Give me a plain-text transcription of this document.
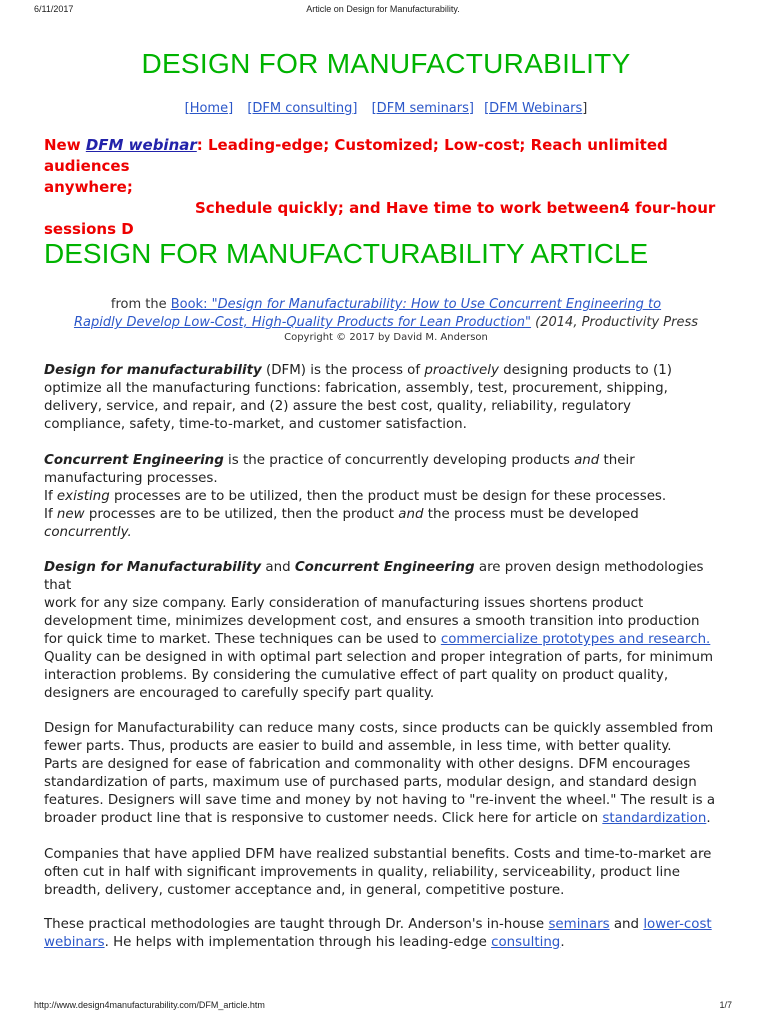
6/11/2017	Article on Design for Manufacturability.
DESIGN FOR MANUFACTURABILITY
[Home] [DFM consulting] [DFM seminars] [DFM Webinars]
New DFM webinar: Leading-edge; Customized; Low-cost; Reach unlimited audiences
anywhere;
Schedule quickly; and Have time to work between4 four-hour
sessions D
DESIGN FOR MANUFACTURABILITY ARTICLE
from the Book: "Design for Manufacturability: How to Use Concurrent Engineering to
Rapidly Develop Low-Cost, High-Quality Products for Lean Production" (2014, Productivity Press
Copyright © 2017 by David M. Anderson
Design for manufacturability (DFM) is the process of proactively designing products to (1)
optimize all the manufacturing functions: fabrication, assembly, test, procurement, shipping,
delivery, service, and repair, and (2) assure the best cost, quality, reliability, regulatory
compliance, safety, time-to-market, and customer satisfaction.
Concurrent Engineering is the practice of concurrently developing products and their
manufacturing processes.
If existing processes are to be utilized, then the product must be design for these processes.
If new processes are to be utilized, then the product and the process must be developed
concurrently.
Design for Manufacturability and Concurrent Engineering are proven design methodologies that
work for any size company. Early consideration of manufacturing issues shortens product
development time, minimizes development cost, and ensures a smooth transition into production
for quick time to market. These techniques can be used to commercialize prototypes and research.
Quality can be designed in with optimal part selection and proper integration of parts, for minimum
interaction problems. By considering the cumulative effect of part quality on product quality,
designers are encouraged to carefully specify part quality.
Design for Manufacturability can reduce many costs, since products can be quickly assembled from
fewer parts. Thus, products are easier to build and assemble, in less time, with better quality.
Parts are designed for ease of fabrication and commonality with other designs. DFM encourages
standardization of parts, maximum use of purchased parts, modular design, and standard design
features. Designers will save time and money by not having to "re-invent the wheel." The result is a
broader product line that is responsive to customer needs. Click here for article on standardization.
Companies that have applied DFM have realized substantial benefits. Costs and time-to-market are
often cut in half with significant improvements in quality, reliability, serviceability, product line
breadth, delivery, customer acceptance and, in general, competitive posture.
These practical methodologies are taught through Dr. Anderson's in-house seminars and lower-cost
webinars. He helps with implementation through his leading-edge consulting.
http://www.design4manufacturability.com/DFM_article.htm	1/7
